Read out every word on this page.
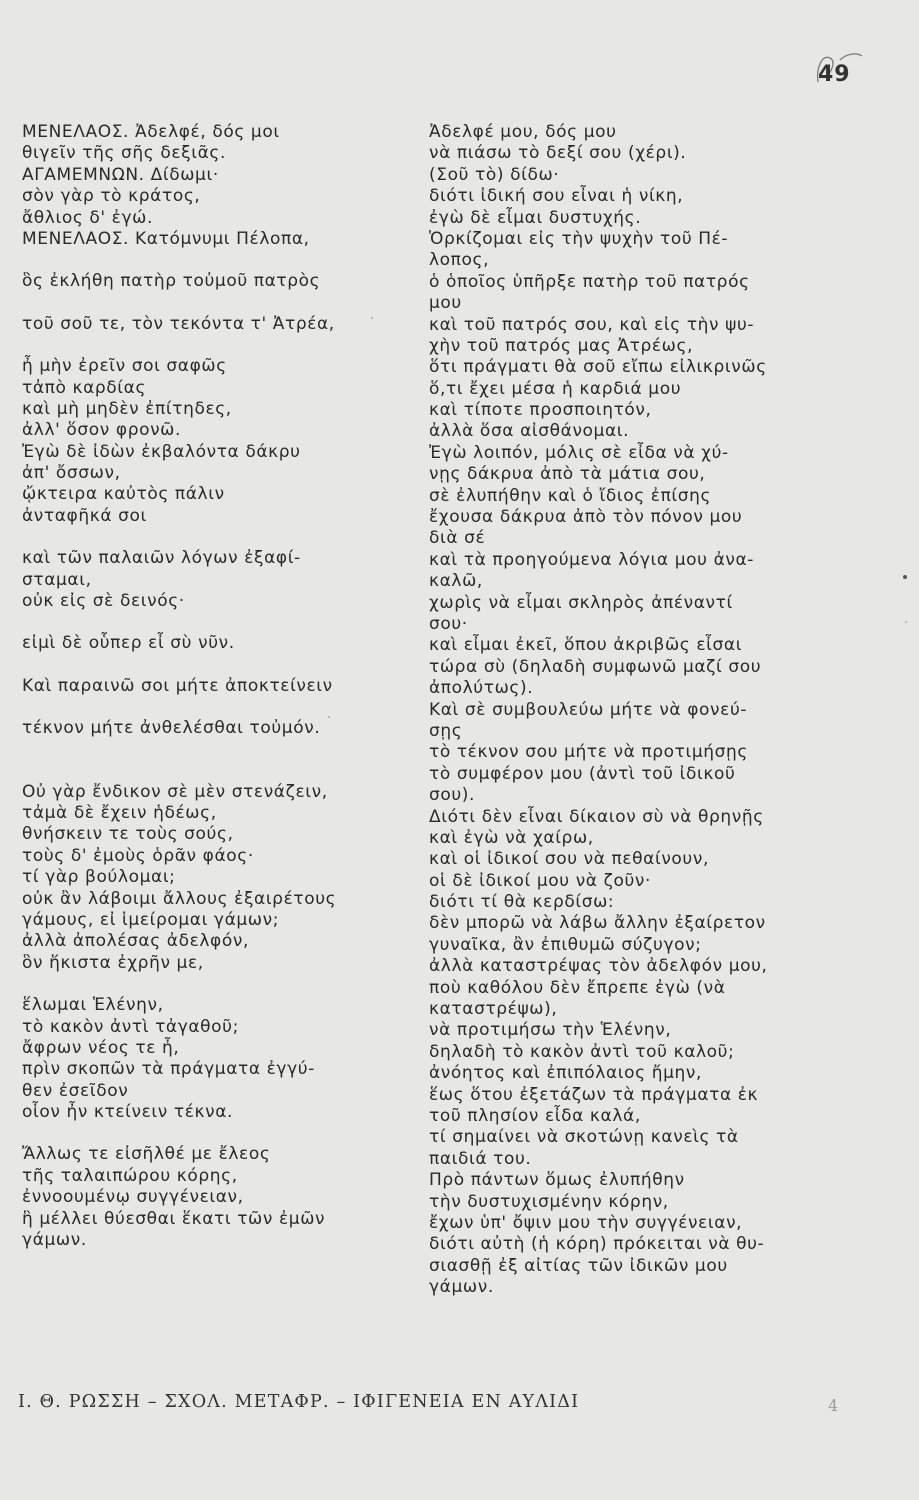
49
ΜΕΝΕΛΑΟΣ. Ἀδελφέ, δός μοι
θιγεῖν τῆς σῆς δεξιᾶς.
ΑΓΑΜΕΜΝΩΝ. Δίδωμι·
σὸν γὰρ τὸ κράτος,
ἄθλιος δ' ἐγώ.
ΜΕΝΕΛΑΟΣ. Κατόμνυμι Πέλοπα,
ὃς ἐκλήθη πατὴρ τοὐμοῦ πατρὸς
τοῦ σοῦ τε, τὸν τεκόντα τ' Ἀτρέα,
ἦ μὴν ἐρεῖν σοι σαφῶς
τἀπὸ καρδίας
καὶ μὴ μηδὲν ἐπίτηδες,
ἀλλ' ὅσον φρονῶ.
Ἐγὼ δὲ ἰδὼν ἐκβαλόντα δάκρυ
ἀπ' ὄσσων,
ᾤκτειρα καὐτὸς πάλιν
ἀνταφῆκά σοι
καὶ τῶν παλαιῶν λόγων ἐξαφί-
σταμαι,
οὐκ εἰς σὲ δεινός·
εἰμὶ δὲ οὗπερ εἶ σὺ νῦν.
Καὶ παραινῶ σοι μήτε ἀποκτείνειν
τέκνον μήτε ἀνθελέσθαι τοὐμόν.
Οὐ γὰρ ἔνδικον σὲ μὲν στενάζειν,
τἀμὰ δὲ ἔχειν ἡδέως,
θνήσκειν τε τοὺς σούς,
τοὺς δ' ἐμοὺς ὁρᾶν φάος·
τί γὰρ βούλομαι;
οὐκ ἂν λάβοιμι ἄλλους ἐξαιρέτους
γάμους, εἰ ἱμείρομαι γάμων;
ἀλλὰ ἀπολέσας ἀδελφόν,
ὃν ἥκιστα ἐχρῆν με,
ἕλωμαι Ἑλένην,
τὸ κακὸν ἀντὶ τἀγαθοῦ;
ἄφρων νέος τε ἦ,
πρὶν σκοπῶν τὰ πράγματα ἐγγύ-
θεν ἐσεῖδον
οἷον ἦν κτείνειν τέκνα.
Ἄλλως τε εἰσῆλθέ με ἔλεος
τῆς ταλαιπώρου κόρης,
ἐννοουμένῳ συγγένειαν,
ἣ μέλλει θύεσθαι ἕκατι τῶν ἐμῶν
γάμων.
Ἀδελφέ μου, δός μου
νὰ πιάσω τὸ δεξί σου (χέρι).
(Σοῦ τὸ) δίδω·
διότι ἰδική σου εἶναι ἡ νίκη,
ἐγὼ δὲ εἶμαι δυστυχής.
Ὁρκίζομαι εἰς τὴν ψυχὴν τοῦ Πέ-
λοπος,
ὁ ὁποῖος ὑπῆρξε πατὴρ τοῦ πατρός
μου
καὶ τοῦ πατρός σου, καὶ εἰς τὴν ψυ-
χὴν τοῦ πατρός μας Ἀτρέως,
ὅτι πράγματι θὰ σοῦ εἴπω εἰλικρινῶς
ὅ,τι ἔχει μέσα ἡ καρδιά μου
καὶ τίποτε προσποιητόν,
ἀλλὰ ὅσα αἰσθάνομαι.
Ἐγὼ λοιπόν, μόλις σὲ εἶδα νὰ χύ-
νῃς δάκρυα ἀπὸ τὰ μάτια σου,
σὲ ἐλυπήθην καὶ ὁ ἴδιος ἐπίσης
ἔχουσα δάκρυα ἀπὸ τὸν πόνον μου
διὰ σέ
καὶ τὰ προηγούμενα λόγια μου ἀνα-
καλῶ,
χωρὶς νὰ εἶμαι σκληρὸς ἀπέναντί
σου·
καὶ εἶμαι ἐκεῖ, ὅπου ἀκριβῶς εἶσαι
τώρα σὺ (δηλαδὴ συμφωνῶ μαζί σου
ἀπολύτως).
Καὶ σὲ συμβουλεύω μήτε νὰ φονεύ-
σῃς
τὸ τέκνον σου μήτε νὰ προτιμήσῃς
τὸ συμφέρον μου (ἀντὶ τοῦ ἰδικοῦ
σου).
Διότι δὲν εἶναι δίκαιον σὺ νὰ θρηνῇς
καὶ ἐγὼ νὰ χαίρω,
καὶ οἱ ἰδικοί σου νὰ πεθαίνουν,
οἱ δὲ ἰδικοί μου νὰ ζοῦν·
διότι τί θὰ κερδίσω:
δὲν μπορῶ νὰ λάβω ἄλλην ἐξαίρετον
γυναῖκα, ἂν ἐπιθυμῶ σύζυγον;
ἀλλὰ καταστρέψας τὸν ἀδελφόν μου,
ποὺ καθόλου δὲν ἔπρεπε ἐγὼ (νὰ
καταστρέψω),
νὰ προτιμήσω τὴν Ἑλένην,
δηλαδὴ τὸ κακὸν ἀντὶ τοῦ καλοῦ;
ἀνόητος καὶ ἐπιπόλαιος ἤμην,
ἕως ὅτου ἐξετάζων τὰ πράγματα ἐκ
τοῦ πλησίον εἶδα καλά,
τί σημαίνει νὰ σκοτώνῃ κανεὶς τὰ
παιδιά του.
Πρὸ πάντων ὅμως ἐλυπήθην
τὴν δυστυχισμένην κόρην,
ἔχων ὑπ' ὄψιν μου τὴν συγγένειαν,
διότι αὐτὴ (ἡ κόρη) πρόκειται νὰ θυ-
σιασθῇ ἐξ αἰτίας τῶν ἰδικῶν μου
γάμων.
Ι. Θ. ΡΩΣΣΗ – ΣΧΟΛ. ΜΕΤΑΦΡ. – ΙΦΙΓΕΝΕΙΑ ΕΝ ΑΥΛΙΔΙ	4
